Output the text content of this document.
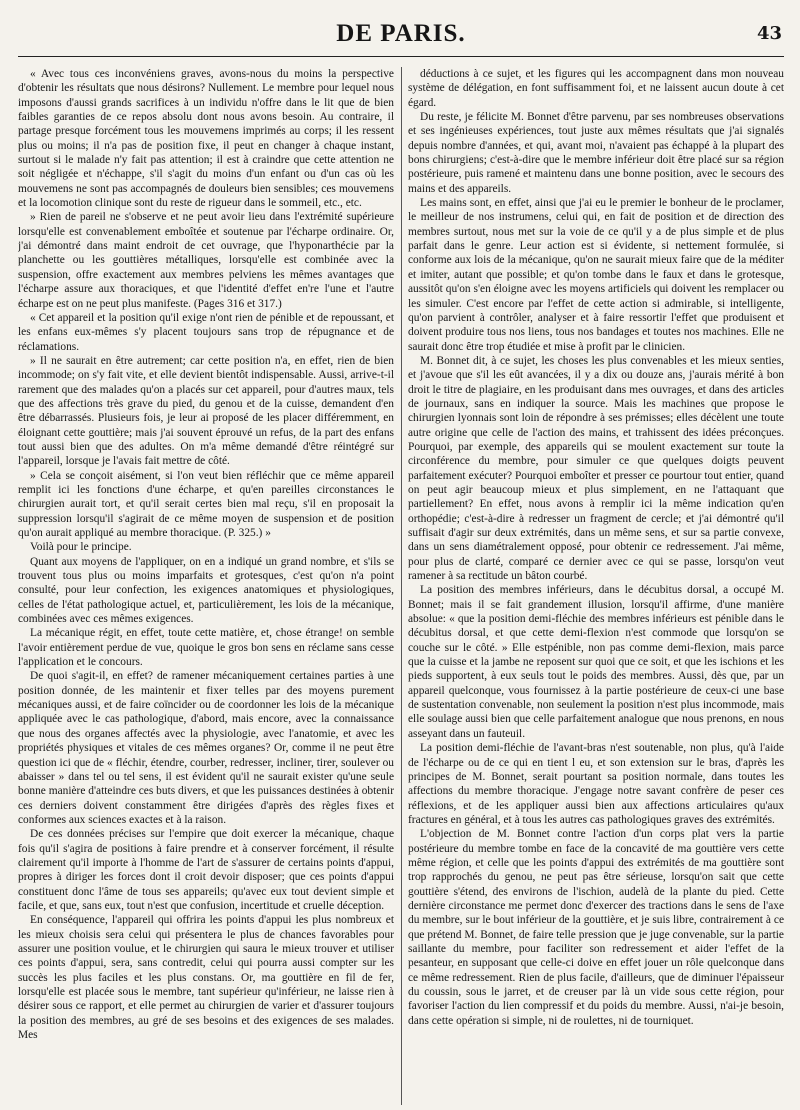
DE PARIS.	43

« Avec tous ces inconvéniens graves, avons-nous du moins la perspective d'obtenir les résultats que nous désirons? Nullement. Le membre pour lequel nous imposons d'aussi grands sacrifices à un individu n'offre dans le lit que de bien faibles garanties de ce repos absolu dont nous avons besoin. Au contraire, il partage presque forcément tous les mouvemens imprimés au corps; il les ressent plus ou moins; il n'a pas de position fixe, il peut en changer à chaque instant, surtout si le malade n'y fait pas attention; il est à craindre que cette attention ne soit négligée et n'échappe, s'il s'agit du moins d'un enfant ou d'un cas où les mouvemens ne sont pas accompagnés de douleurs bien sensibles; ces mouvemens et la locomotion clinique sont du reste de rigueur dans le sommeil, etc., etc.

» Rien de pareil ne s'observe et ne peut avoir lieu dans l'extrémité supérieure lorsqu'elle est convenablement emboîtée et soutenue par l'écharpe ordinaire. Or, j'ai démontré dans maint endroit de cet ouvrage, que l'hyponarthécie par la planchette ou les gouttières métalliques, lorsqu'elle est combinée avec la suspension, offre exactement aux membres pelviens les mêmes avantages que l'écharpe assure aux thoraciques, et que l'identité d'effet en're l'une et l'autre écharpe est on ne peut plus manifeste. (Pages 316 et 317.)

« Cet appareil et la position qu'il exige n'ont rien de pénible et de repoussant, et les enfans eux-mêmes s'y placent toujours sans trop de répugnance et de réclamations.

» Il ne saurait en être autrement; car cette position n'a, en effet, rien de bien incommode; on s'y fait vite, et elle devient bientôt indispensable. Aussi, arrive-t-il rarement que des malades qu'on a placés sur cet appareil, pour d'autres maux, tels que des affections très grave du pied, du genou et de la cuisse, demandent d'en être débarrassés. Plusieurs fois, je leur ai proposé de les placer différemment, en éloignant cette gouttière; mais j'ai souvent éprouvé un refus, de la part des enfans tout aussi bien que des adultes. On m'a même demandé d'être réintégré sur l'appareil, lorsque je l'avais fait mettre de côté.

» Cela se conçoit aisément, si l'on veut bien réfléchir que ce même appareil remplit ici les fonctions d'une écharpe, et qu'en pareilles circonstances le chirurgien aurait tort, et qu'il serait certes bien mal reçu, s'il en proposait la suppression lorsqu'il s'agirait de ce même moyen de suspension et de position qu'on aurait appliqué au membre thoracique. (P. 325.) »

Voilà pour le principe.

Quant aux moyens de l'appliquer, on en a indiqué un grand nombre, et s'ils se trouvent tous plus ou moins imparfaits et grotesques, c'est qu'on n'a point consulté, pour leur confection, les exigences anatomiques et physiologiques, celles de l'état pathologique actuel, et, particulièrement, les lois de la mécanique, combinées avec ces mêmes exigences.

La mécanique régit, en effet, toute cette matière, et, chose étrange! on semble l'avoir entièrement perdue de vue, quoique le gros bon sens en réclame sans cesse l'application et le concours.

De quoi s'agit-il, en effet? de ramener mécaniquement certaines parties à une position donnée, de les maintenir et fixer telles par des moyens purement mécaniques aussi, et de faire coïncider ou de coordonner les lois de la mécanique appliquée avec le cas pathologique, d'abord, mais encore, avec la connaissance que nous des organes affectés avec la physiologie, avec l'anatomie, et avec les propriétés physiques et vitales de ces mêmes organes? Or, comme il ne peut être question ici que de « fléchir, étendre, courber, redresser, incliner, tirer, soulever ou abaisser » dans tel ou tel sens, il est évident qu'il ne saurait exister qu'une seule bonne manière d'atteindre ces buts divers, et que les puissances destinées à obtenir ces derniers doivent constamment être dirigées d'après des règles fixes et conformes aux sciences exactes et à la raison.

De ces données précises sur l'empire que doit exercer la mécanique, chaque fois qu'il s'agira de positions à faire prendre et à conserver forcément, il résulte clairement qu'il importe à l'homme de l'art de s'assurer de certains points d'appui, propres à diriger les forces dont il croit devoir disposer; que ces points d'appui constituent donc l'âme de tous ses appareils; qu'avec eux tout devient simple et facile, et que, sans eux, tout n'est que confusion, incertitude et cruelle déception.

En conséquence, l'appareil qui offrira les points d'appui les plus nombreux et les mieux choisis sera celui qui présentera le plus de chances favorables pour assurer une position voulue, et le chirurgien qui saura le mieux trouver et utiliser ces points d'appui, sera, sans contredit, celui qui pourra aussi compter sur les succès les plus faciles et les plus constans. Or, ma gouttière en fil de fer, lorsqu'elle est placée sous le membre, tant supérieur qu'inférieur, ne laisse rien à désirer sous ce rapport, et elle permet au chirurgien de varier et d'assurer toujours la position des membres, au gré de ses besoins et des exigences de ses malades. Mes

déductions à ce sujet, et les figures qui les accompagnent dans mon nouveau système de délégation, en font suffisamment foi, et ne laissent aucun doute à cet égard.

Du reste, je félicite M. Bonnet d'être parvenu, par ses nombreuses observations et ses ingénieuses expériences, tout juste aux mêmes résultats que j'ai signalés depuis nombre d'années, et qui, avant moi, n'avaient pas échappé à la plupart des bons chirurgiens; c'est-à-dire que le membre inférieur doit être placé sur sa région postérieure, puis ramené et maintenu dans une bonne position, avec le secours des mains et des appareils.

Les mains sont, en effet, ainsi que j'ai eu le premier le bonheur de le proclamer, le meilleur de nos instrumens, celui qui, en fait de position et de direction des membres surtout, nous met sur la voie de ce qu'il y a de plus simple et de plus parfait dans le genre. Leur action est si évidente, si nettement formulée, si conforme aux lois de la mécanique, qu'on ne saurait mieux faire que de la méditer et imiter, autant que possible; et qu'on tombe dans le faux et dans le grotesque, aussitôt qu'on s'en éloigne avec les moyens artificiels qui doivent les remplacer ou les simuler. C'est encore par l'effet de cette action si admirable, si intelligente, qu'on parvient à contrôler, analyser et à faire ressortir l'effet que produisent et doivent produire tous nos liens, tous nos bandages et toutes nos machines. Elle ne saurait donc être trop étudiée et mise à profit par le clinicien.

M. Bonnet dit, à ce sujet, les choses les plus convenables et les mieux senties, et j'avoue que s'il les eût avancées, il y a dix ou douze ans, j'aurais mérité à bon droit le titre de plagiaire, en les produisant dans mes ouvrages, et dans des articles de journaux, sans en indiquer la source. Mais les machines que propose le chirurgien lyonnais sont loin de répondre à ses prémisses; elles décèlent une toute autre origine que celle de l'action des mains, et trahissent des idées préconçues. Pourquoi, par exemple, des appareils qui se moulent exactement sur toute la circonférence du membre, pour simuler ce que quelques doigts peuvent parfaitement exécuter? Pourquoi emboîter et presser ce pourtour tout entier, quand on peut agir beaucoup mieux et plus simplement, en ne l'attaquant que partiellement? En effet, nous avons à remplir ici la même indication qu'en orthopédie; c'est-à-dire à redresser un fragment de cercle; et j'ai démontré qu'il suffisait d'agir sur deux extrémités, dans un même sens, et sur sa partie convexe, dans un sens diamétralement opposé, pour obtenir ce redressement. J'ai même, pour plus de clarté, comparé ce dernier avec ce qui se passe, lorsqu'on veut ramener à sa rectitude un bâton courbé.

La position des membres inférieurs, dans le décubitus dorsal, a occupé M. Bonnet; mais il se fait grandement illusion, lorsqu'il affirme, d'une manière absolue: « que la position demi-fléchie des membres inférieurs est pénible dans le décubitus dorsal, et que cette demi-flexion n'est commode que lorsqu'on se couche sur le côté. » Elle estpénible, non pas comme demi-flexion, mais parce que la cuisse et la jambe ne reposent sur quoi que ce soit, et que les ischions et les pieds supportent, à eux seuls tout le poids des membres. Aussi, dès que, par un appareil quelconque, vous fournissez à la partie postérieure de ceux-ci une base de sustentation convenable, non seulement la position n'est plus incommode, mais elle soulage aussi bien que celle parfaitement analogue que nous prenons, en nous asseyant dans un fauteuil.

La position demi-fléchie de l'avant-bras n'est soutenable, non plus, qu'à l'aide de l'écharpe ou de ce qui en tient l eu, et son extension sur le bras, d'après les principes de M. Bonnet, serait pourtant sa position normale, dans toutes les affections du membre thoracique. J'engage notre savant confrère de peser ces réflexions, et de les appliquer aussi bien aux affections articulaires qu'aux fractures en général, et à tous les autres cas pathologiques graves des extrémités.

L'objection de M. Bonnet contre l'action d'un corps plat vers la partie postérieure du membre tombe en face de la concavité de ma gouttière vers cette même région, et celle que les points d'appui des extrémités de ma gouttière sont trop rapprochés du genou, ne peut pas être sérieuse, lorsqu'on sait que cette gouttière s'étend, des environs de l'ischion, audelà de la plante du pied. Cette dernière circonstance me permet donc d'exercer des tractions dans le sens de l'axe du membre, sur le bout inférieur de la gouttière, et je suis libre, contrairement à ce que prétend M. Bonnet, de faire telle pression que je juge convenable, sur la partie saillante du membre, pour faciliter son redressement et aider l'effet de la pesanteur, en supposant que celle-ci doive en effet jouer un rôle quelconque dans ce même redressement. Rien de plus facile, d'ailleurs, que de diminuer l'épaisseur du coussin, sous le jarret, et de creuser par là un vide sous cette région, pour favoriser l'action du lien compressif et du poids du membre. Aussi, n'ai-je besoin, dans cette opération si simple, ni de roulettes, ni de tourniquet.
